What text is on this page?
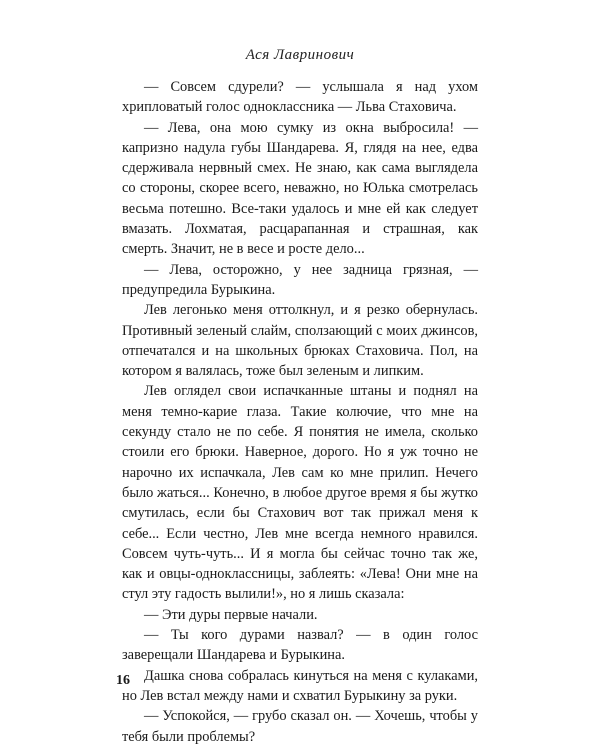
Ася Лавринович

— Совсем сдурели? — услышала я над ухом хрипловатый голос одноклассника — Льва Стаховича.

— Лева, она мою сумку из окна выбросила! — капризно надула губы Шандарева. Я, глядя на нее, едва сдерживала нервный смех. Не знаю, как сама выглядела со стороны, скорее всего, неважно, но Юлька смотрелась весьма потешно. Все-таки удалось и мне ей как следует вмазать. Лохматая, расцарапанная и страшная, как смерть. Значит, не в весе и росте дело...

— Лева, осторожно, у нее задница грязная, — предупредила Бурыкина.

Лев легонько меня оттолкнул, и я резко обернулась. Противный зеленый слайм, сползающий с моих джинсов, отпечатался и на школьных брюках Стаховича. Пол, на котором я валялась, тоже был зеленым и липким.

Лев оглядел свои испачканные штаны и поднял на меня темно-карие глаза. Такие колючие, что мне на секунду стало не по себе. Я понятия не имела, сколько стоили его брюки. Наверное, дорого. Но я уж точно не нарочно их испачкала, Лев сам ко мне прилип. Нечего было жаться... Конечно, в любое другое время я бы жутко смутилась, если бы Стахович вот так прижал меня к себе... Если честно, Лев мне всегда немного нравился. Совсем чуть-чуть... И я могла бы сейчас точно так же, как и овцы-одноклассницы, заблеять: «Лева! Они мне на стул эту гадость вылили!», но я лишь сказала:

— Эти дуры первые начали.

— Ты кого дурами назвал? — в один голос заверещали Шандарева и Бурыкина.

Дашка снова собралась кинуться на меня с кулаками, но Лев встал между нами и схватил Бурыкину за руки.

— Успокойся, — грубо сказал он. — Хочешь, чтобы у тебя были проблемы?

16
